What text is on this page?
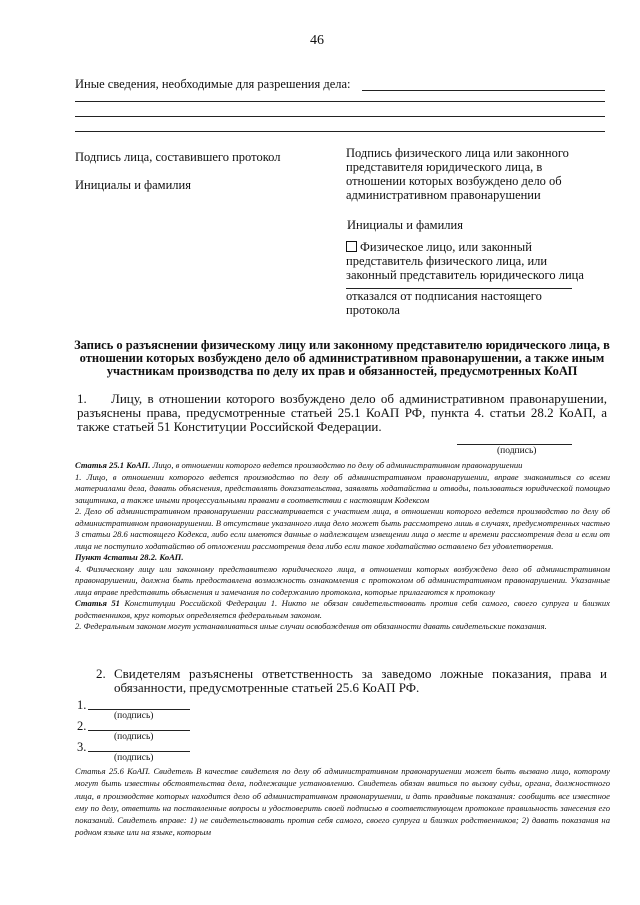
46
Иные сведения, необходимые для разрешения дела:
Подпись лица, составившего протокол
Инициалы и фамилия
Подпись физического лица или законного представителя юридического лица, в отношении которых возбуждено дело об административном правонарушении
Инициалы и фамилия
Физическое лицо, или законный представитель физического лица, или законный представитель юридического лица
отказался от подписания настоящего протокола
Запись о разъяснении физическому лицу или законному представителю юридического лица, в отношении которых возбуждено дело об административном правонарушении, а также иным участникам производства по делу их прав и обязанностей, предусмотренных КоАП
1.	Лицу, в отношении которого возбуждено дело об административном правонарушении, разъяснены права, предусмотренные статьей 25.1 КоАП РФ, пункта 4. статьи 28.2 КоАП, а также статьей 51 Конституции Российской Федерации.
(подпись)
Статья 25.1 КоАП. Лицо, в отношении которого ведется производство по делу об административном правонарушении
1. Лицо, в отношении которого ведется производство по делу об административном правонарушении, вправе знакомиться со всеми материалами дела, давать объяснения, представлять доказательства, заявлять ходатайства и отводы, пользоваться юридической помощью защитника, а также иными процессуальными правами в соответствии с настоящим Кодексом
2. Дело об административном правонарушении рассматривается с участием лица, в отношении которого ведется производство по делу об административном правонарушении. В отсутствие указанного лица дело может быть рассмотрено лишь в случаях, предусмотренных частью 3 статьи 28.6 настоящего Кодекса, либо если имеются данные о надлежащем извещении лица о месте и времени рассмотрения дела и если от лица не поступило ходатайство об отложении рассмотрения дела либо если такое ходатайство оставлено без удовлетворения.
Пункт 4статьи 28.2. КоАП.
4. Физическому лицу или законному представителю юридического лица, в отношении которых возбуждено дело об административном правонарушении, должна быть предоставлена возможность ознакомления с протоколом об административном правонарушении. Указанные лица вправе представить объяснения и замечания по содержанию протокола, которые прилагаются к протоколу
Статья 51 Конституции Российской Федерации 1. Никто не обязан свидетельствовать против себя самого, своего супруга и близких родственников, круг которых определяется федеральным законом.
2. Федеральным законом могут устанавливаться иные случаи освобождения от обязанности давать свидетельские показания.
2. Свидетелям разъяснены ответственность за заведомо ложные показания, права и обязанности, предусмотренные статьей 25.6 КоАП РФ.
1.
(подпись)
2.
(подпись)
3.
(подпись)
Статья 25.6 КоАП. Свидетель В качестве свидетеля по делу об административном правонарушении может быть вызвано лицо, которому могут быть известны обстоятельства дела, подлежащие установлению. Свидетель обязан явиться по вызову судьи, органа, должностного лица, в производстве которых находится дело об административном правонарушении, и дать правдивые показания: сообщить все известное ему по делу, ответить на поставленные вопросы и удостоверить своей подписью в соответствующем протоколе правильность занесения его показаний. Свидетель вправе: 1) не свидетельствовать против себя самого, своего супруга и близких родственников; 2) давать показания на родном языке или на языке, которым
